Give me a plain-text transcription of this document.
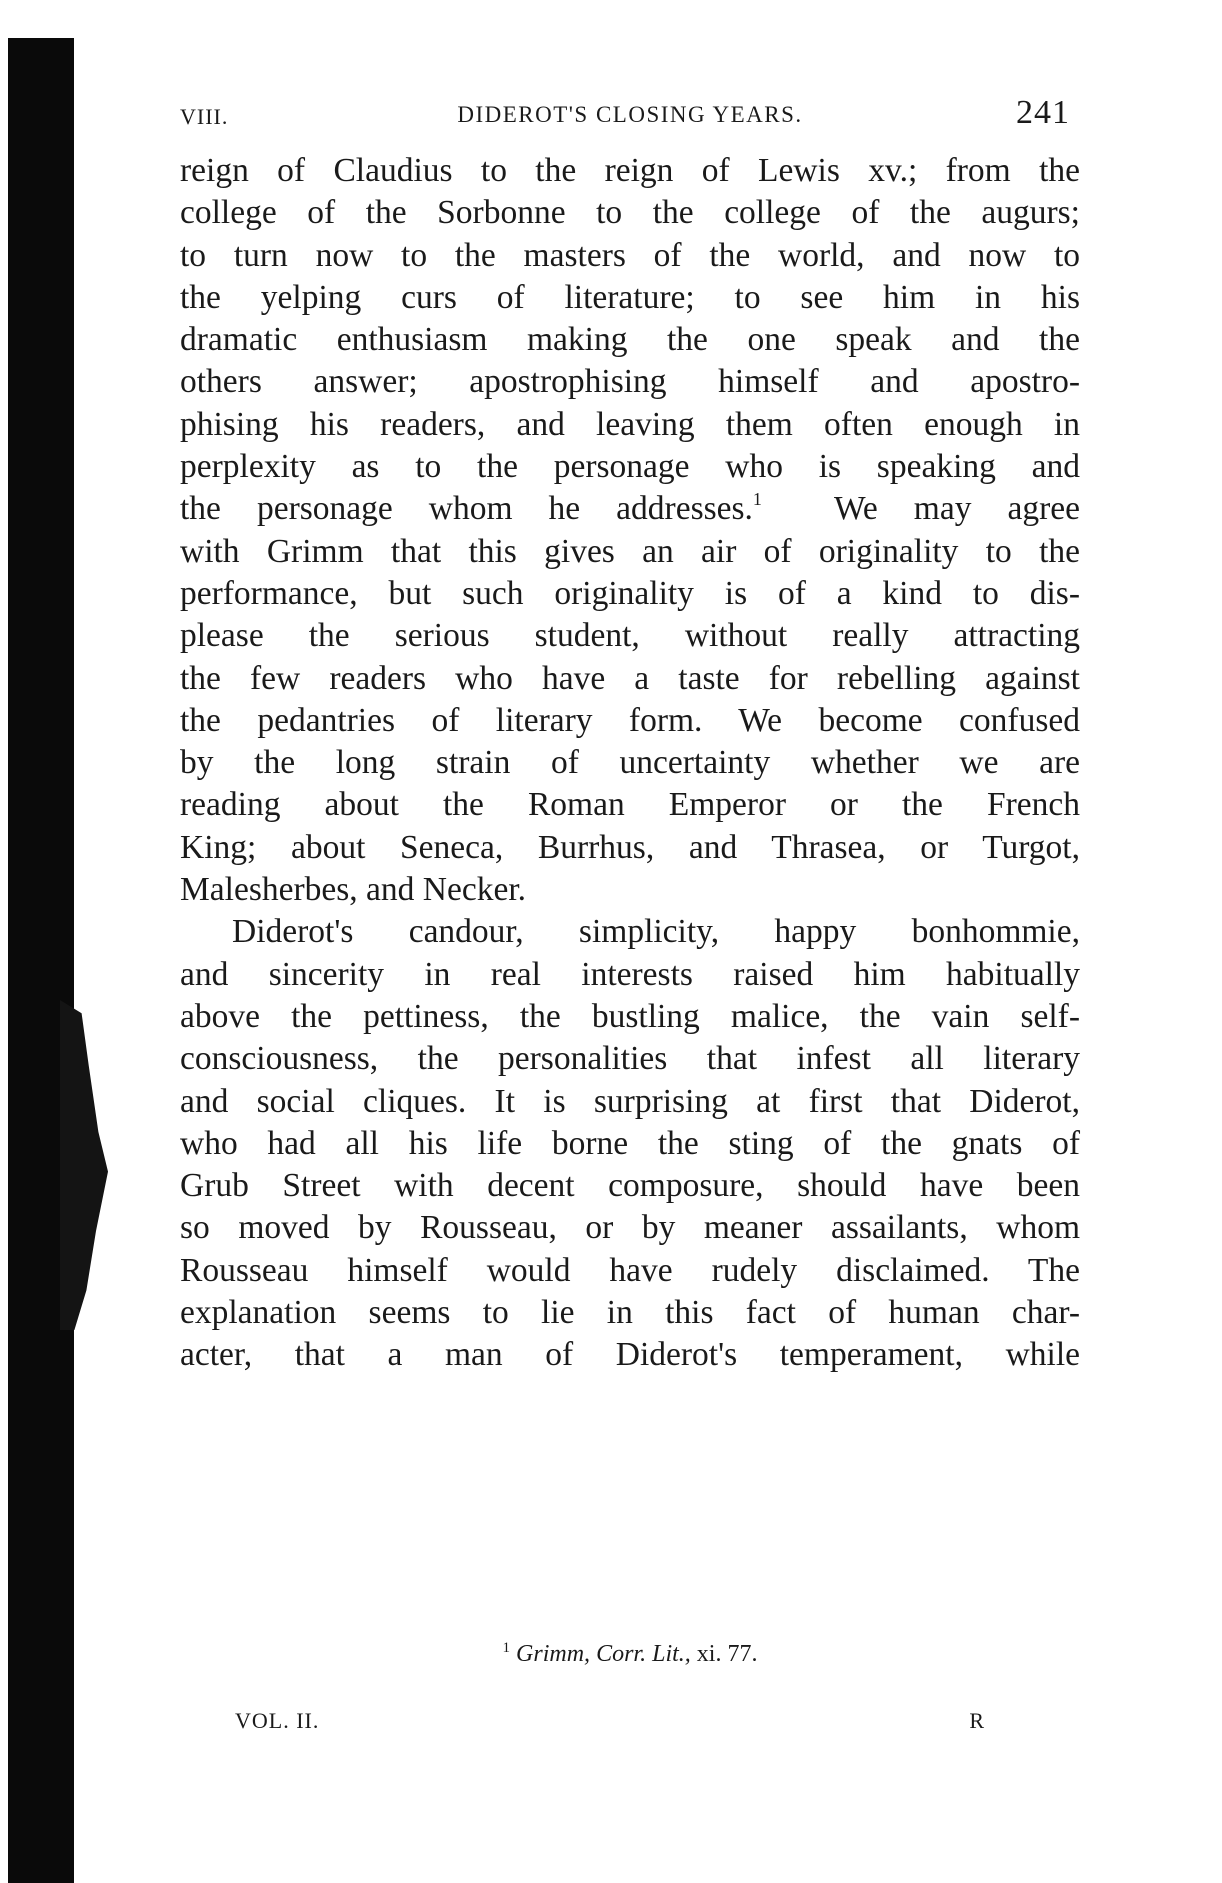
VIII.	DIDEROT'S CLOSING YEARS.	241

reign of Claudius to the reign of Lewis xv.; from the
college of the Sorbonne to the college of the augurs;
to turn now to the masters of the world, and now to
the yelping curs of literature; to see him in his
dramatic enthusiasm making the one speak and the
others answer; apostrophising himself and apostro-
phising his readers, and leaving them often enough in
perplexity as to the personage who is speaking and
the personage whom he addresses.$^1$ We may agree
with Grimm that this gives an air of originality to the
performance, but such originality is of a kind to dis-
please the serious student, without really attracting
the few readers who have a taste for rebelling against
the pedantries of literary form. We become confused
by the long strain of uncertainty whether we are
reading about the Roman Emperor or the French
King; about Seneca, Burrhus, and Thrasea, or Turgot,
Malesherbes, and Necker.

Diderot's candour, simplicity, happy bonhommie,
and sincerity in real interests raised him habitually
above the pettiness, the bustling malice, the vain self-
consciousness, the personalities that infest all literary
and social cliques. It is surprising at first that Diderot,
who had all his life borne the sting of the gnats of
Grub Street with decent composure, should have been
so moved by Rousseau, or by meaner assailants, whom
Rousseau himself would have rudely disclaimed. The
explanation seems to lie in this fact of human char-
acter, that a man of Diderot's temperament, while

$^1$ Grimm, Corr. Lit., xi. 77.
VOL. II.	R
